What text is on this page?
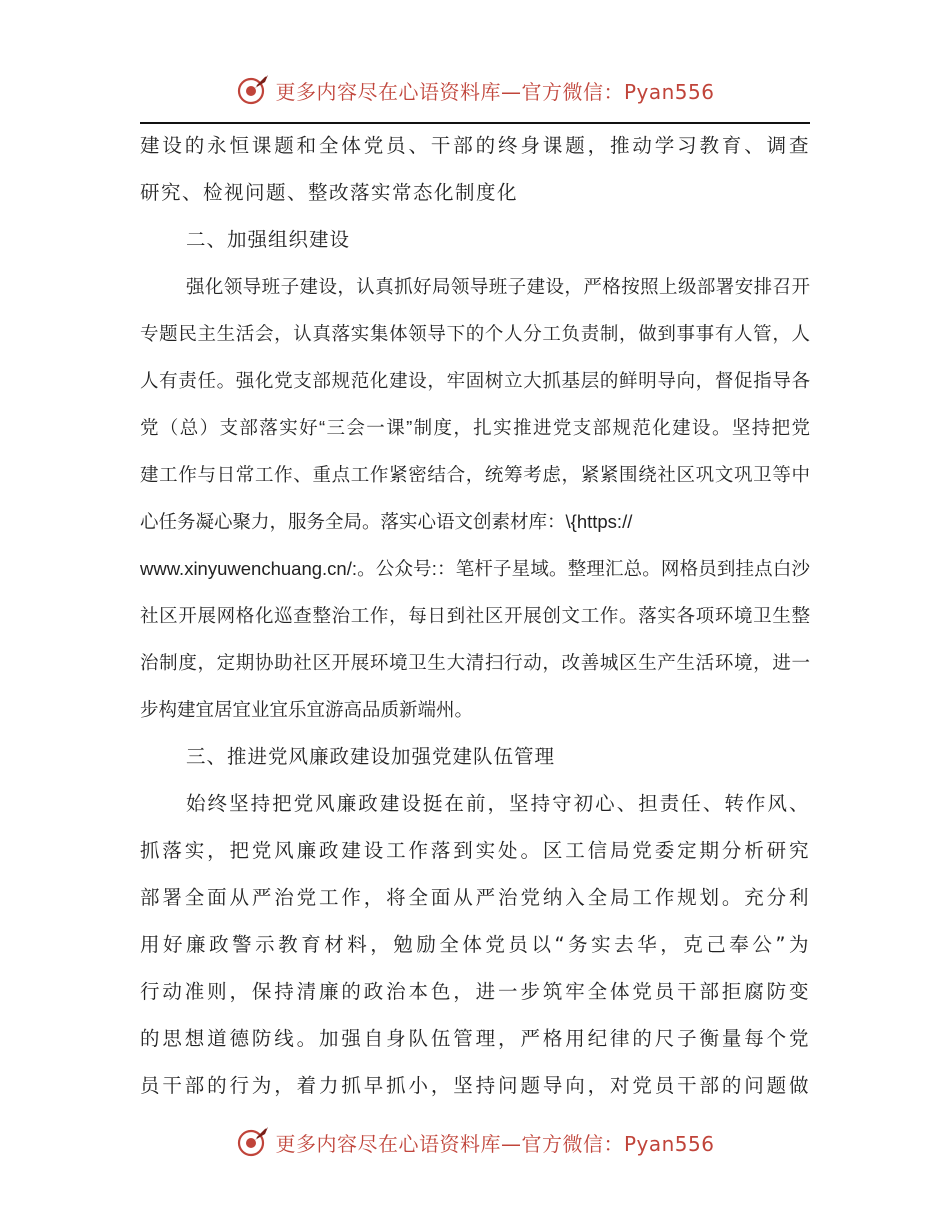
更多内容尽在心语资料库—官方微信：Pyan556
建设的永恒课题和全体党员、干部的终身课题，推动学习教育、调查
研究、检视问题、整改落实常态化制度化
二、加强组织建设
强化领导班子建设，认真抓好局领导班子建设，严格按照上级部署安排召开
专题民主生活会，认真落实集体领导下的个人分工负责制，做到事事有人管，人
人有责任。强化党支部规范化建设，牢固树立大抓基层的鲜明导向，督促指导各
党（总）支部落实好“三会一课”制度，扎实推进党支部规范化建设。坚持把党
建工作与日常工作、重点工作紧密结合，统筹考虑，紧紧围绕社区巩文巩卫等中
心任务凝心聚力，服务全局。落实心语文创素材库：\{https://
www.xinyuwenchuang.cn/:。公众号:：笔杆子星域。整理汇总。网格员到挂点白沙
社区开展网格化巡查整治工作，每日到社区开展创文工作。落实各项环境卫生整
治制度，定期协助社区开展环境卫生大清扫行动，改善城区生产生活环境，进一
步构建宜居宜业宜乐宜游高品质新端州。
三、推进党风廉政建设加强党建队伍管理
始终坚持把党风廉政建设挺在前，坚持守初心、担责任、转作风、
抓落实，把党风廉政建设工作落到实处。区工信局党委定期分析研究
部署全面从严治党工作，将全面从严治党纳入全局工作规划。充分利
用好廉政警示教育材料，勉励全体党员以“务实去华，克己奉公”为
行动准则，保持清廉的政治本色，进一步筑牢全体党员干部拒腐防变
的思想道德防线。加强自身队伍管理，严格用纪律的尺子衡量每个党
员干部的行为，着力抓早抓小，坚持问题导向，对党员干部的问题做
更多内容尽在心语资料库—官方微信：Pyan556
